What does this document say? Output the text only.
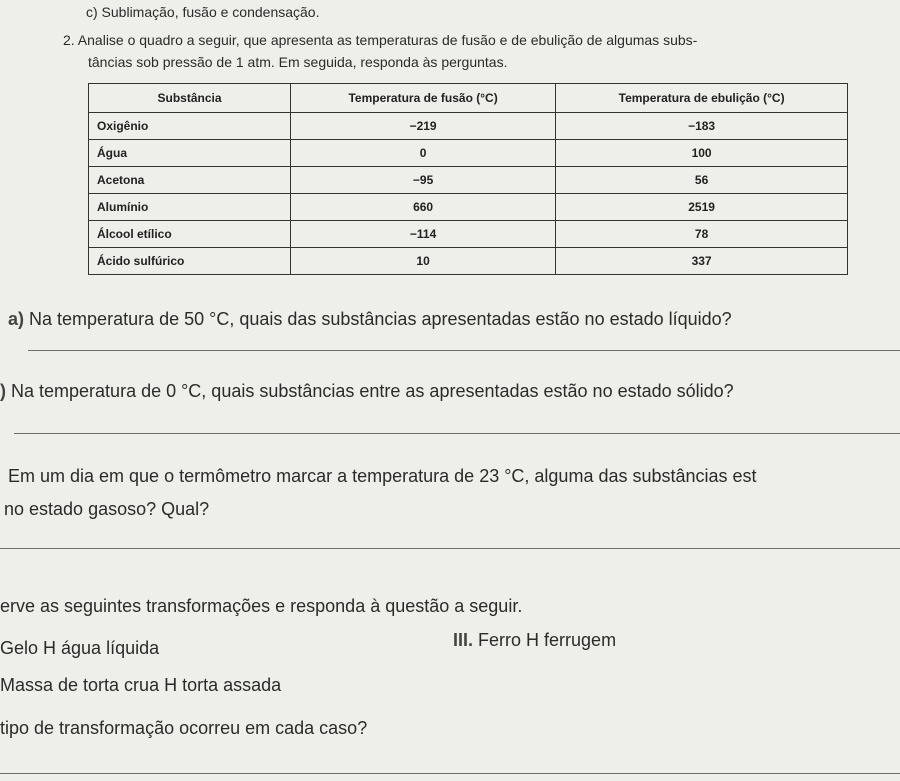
c) Sublimação, fusão e condensação.
2. Analise o quadro a seguir, que apresenta as temperaturas de fusão e de ebulição de algumas subs-
tâncias sob pressão de 1 atm. Em seguida, responda às perguntas.
Substância	Temperatura de fusão (°C)	Temperatura de ebulição (°C)
Oxigênio	−219	−183
Água	0	100
Acetona	−95	56
Alumínio	660	2519
Álcool etílico	−114	78
Ácido sulfúrico	10	337
a) Na temperatura de 50 °C, quais das substâncias apresentadas estão no estado líquido?
) Na temperatura de 0 °C, quais substâncias entre as apresentadas estão no estado sólido?
Em um dia em que o termômetro marcar a temperatura de 23 °C, alguma das substâncias est
no estado gasoso? Qual?
erve as seguintes transformações e responda à questão a seguir.
Gelo H água líquida	III. Ferro H ferrugem
Massa de torta crua H torta assada
tipo de transformação ocorreu em cada caso?
